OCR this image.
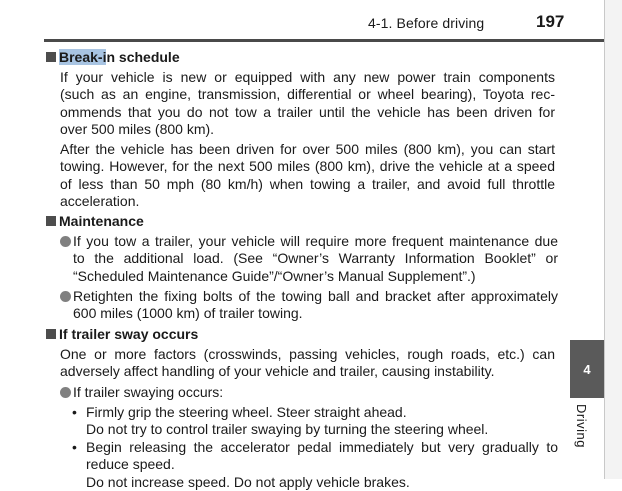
4-1. Before driving	197
Break-i n schedule
If your vehicle is new or equipped with any new power train components
(such as an engine, transmission, differential or wheel bearing), Toyota rec-
ommends that you do not tow a trailer until the vehicle has been driven for
over 500 miles (800 km).
After the vehicle has been driven for over 500 miles (800 km), you can start
towing. However, for the next 500 miles (800 km), drive the vehicle at a speed
of less than 50 mph (80 km/h) when towing a trailer, and avoid full throttle
acceleration.
Maintenance
If you tow a trailer, your vehicle will require more frequent maintenance due
to the additional load. (See “Owner’s Warranty Information Booklet” or
“Scheduled Maintenance Guide”/“Owner’s Manual Supplement”.)
Retighten the fixing bolts of the towing ball and bracket after approximately
600 miles (1000 km) of trailer towing.
If trailer sway occurs
One or more factors (crosswinds, passing vehicles, rough roads, etc.) can
adversely affect handling of your vehicle and trailer, causing instability.
If trailer swaying occurs:
• Firmly grip the steering wheel. Steer straight ahead.
Do not try to control trailer swaying by turning the steering wheel.
• Begin releasing the accelerator pedal immediately but very gradually to
reduce speed.
Do not increase speed. Do not apply vehicle brakes.
4
Driving
